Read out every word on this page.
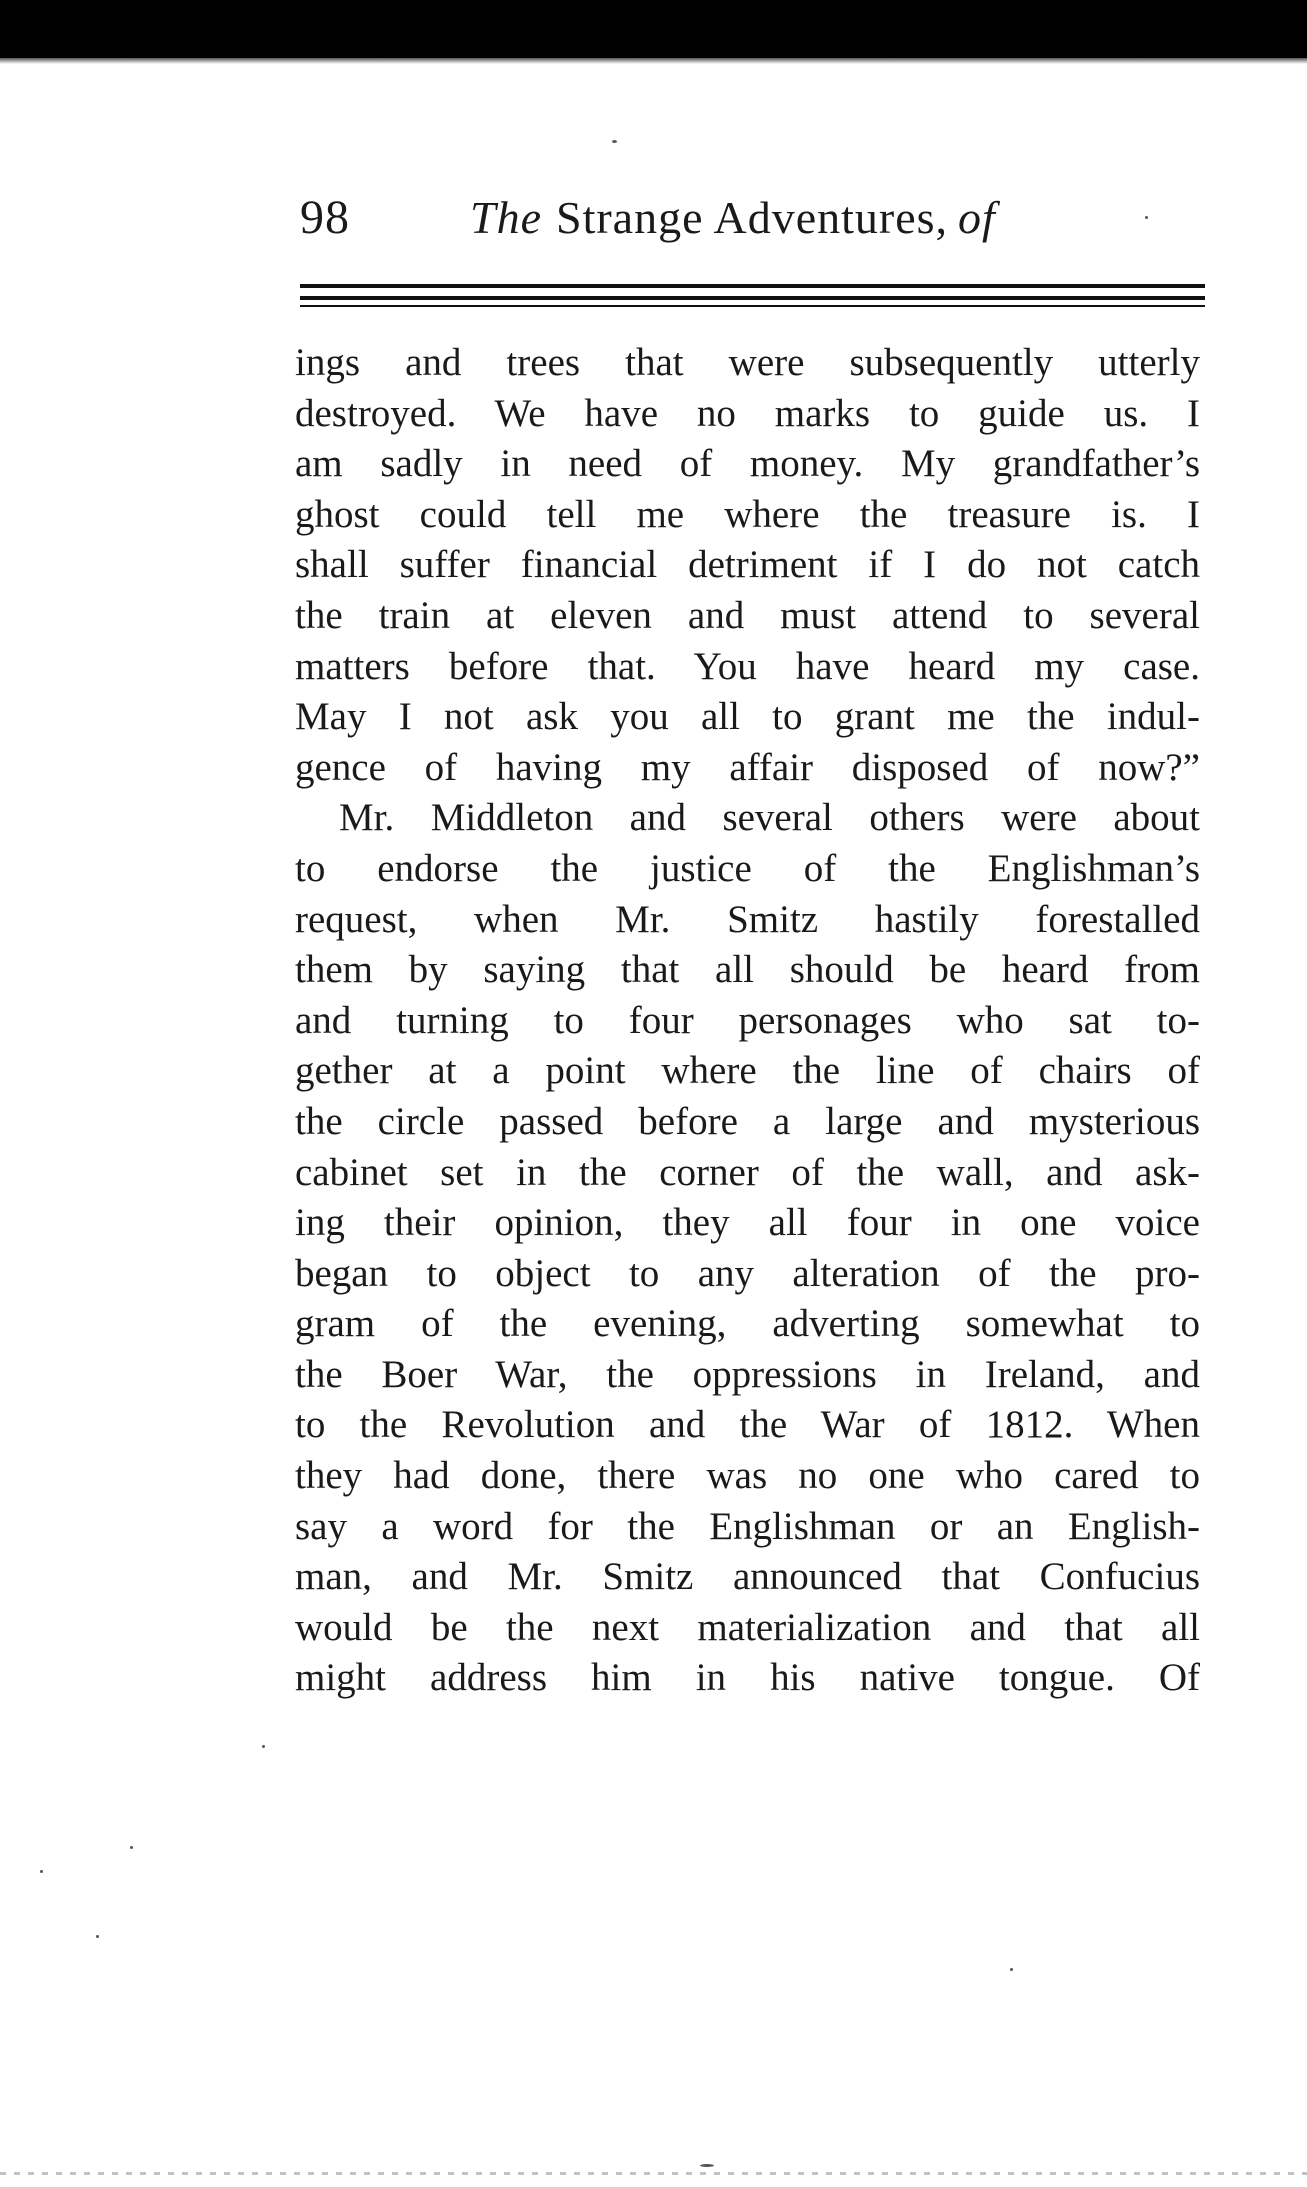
98	The Strange Adventures, of
ings and trees that were subsequently utterly
destroyed. We have no marks to guide us. I
am sadly in need of money. My grandfather’s
ghost could tell me where the treasure is. I
shall suffer financial detriment if I do not catch
the train at eleven and must attend to several
matters before that. You have heard my case.
May I not ask you all to grant me the indul-
gence of having my affair disposed of now?”
Mr. Middleton and several others were about
to endorse the justice of the Englishman’s
request, when Mr. Smitz hastily forestalled
them by saying that all should be heard from
and turning to four personages who sat to-
gether at a point where the line of chairs of
the circle passed before a large and mysterious
cabinet set in the corner of the wall, and ask-
ing their opinion, they all four in one voice
began to object to any alteration of the pro-
gram of the evening, adverting somewhat to
the Boer War, the oppressions in Ireland, and
to the Revolution and the War of 1812. When
they had done, there was no one who cared to
say a word for the Englishman or an English-
man, and Mr. Smitz announced that Confucius
would be the next materialization and that all
might address him in his native tongue. Of
